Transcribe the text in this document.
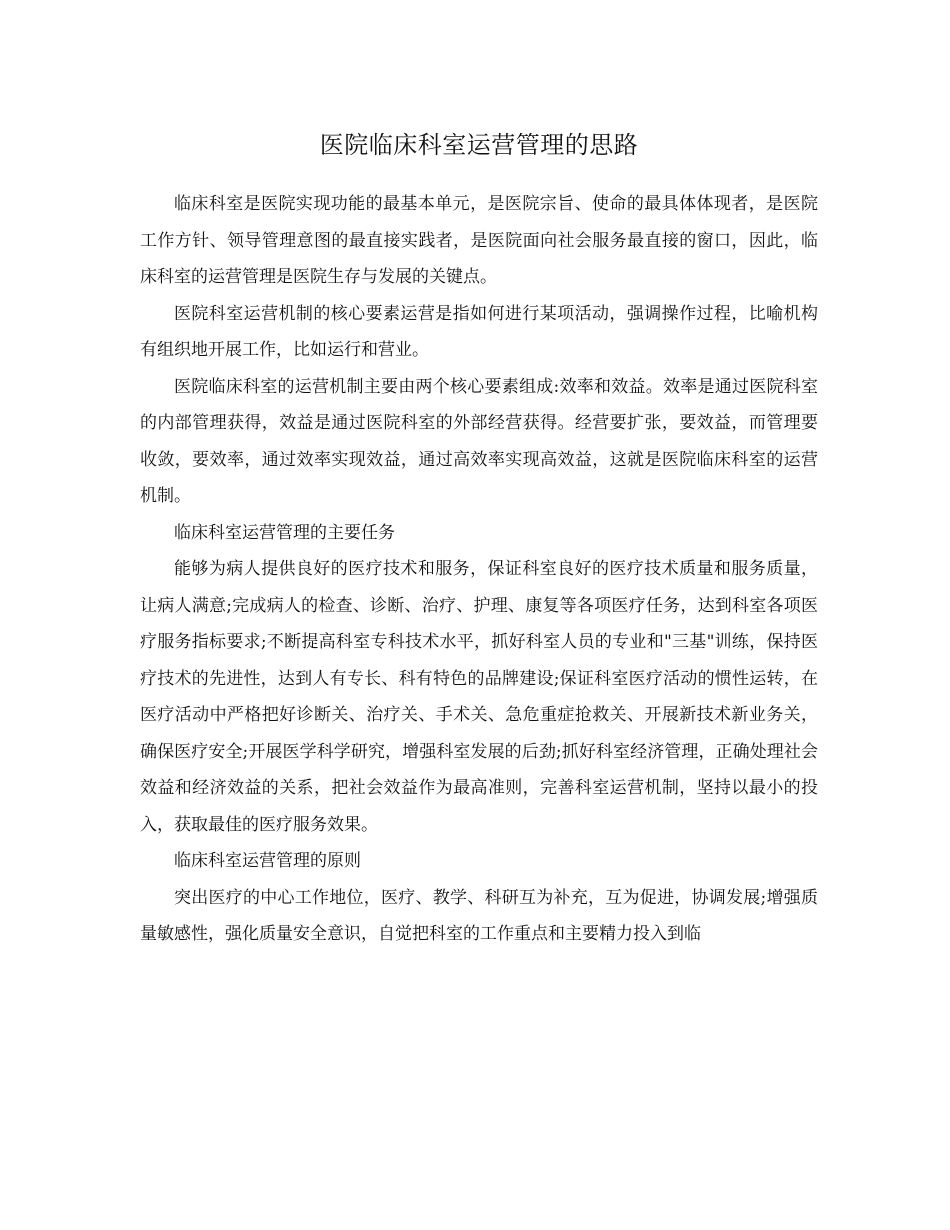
医院临床科室运营管理的思路

临床科室是医院实现功能的最基本单元，是医院宗旨、使命的最具体体现者，是医院工作方针、领导管理意图的最直接实践者，是医院面向社会服务最直接的窗口，因此，临床科室的运营管理是医院生存与发展的关键点。

医院科室运营机制的核心要素运营是指如何进行某项活动，强调操作过程，比喻机构有组织地开展工作，比如运行和营业。

医院临床科室的运营机制主要由两个核心要素组成:效率和效益。效率是通过医院科室的内部管理获得，效益是通过医院科室的外部经营获得。经营要扩张，要效益，而管理要收敛，要效率，通过效率实现效益，通过高效率实现高效益，这就是医院临床科室的运营机制。

临床科室运营管理的主要任务

能够为病人提供良好的医疗技术和服务，保证科室良好的医疗技术质量和服务质量，让病人满意;完成病人的检查、诊断、治疗、护理、康复等各项医疗任务，达到科室各项医疗服务指标要求;不断提高科室专科技术水平，抓好科室人员的专业和"三基"训练，保持医疗技术的先进性，达到人有专长、科有特色的品牌建设;保证科室医疗活动的惯性运转，在医疗活动中严格把好诊断关、治疗关、手术关、急危重症抢救关、开展新技术新业务关，确保医疗安全;开展医学科学研究，增强科室发展的后劲;抓好科室经济管理，正确处理社会效益和经济效益的关系，把社会效益作为最高准则，完善科室运营机制，坚持以最小的投入，获取最佳的医疗服务效果。

临床科室运营管理的原则

突出医疗的中心工作地位，医疗、教学、科研互为补充，互为促进，协调发展;增强质量敏感性，强化质量安全意识，自觉把科室的工作重点和主要精力投入到临
